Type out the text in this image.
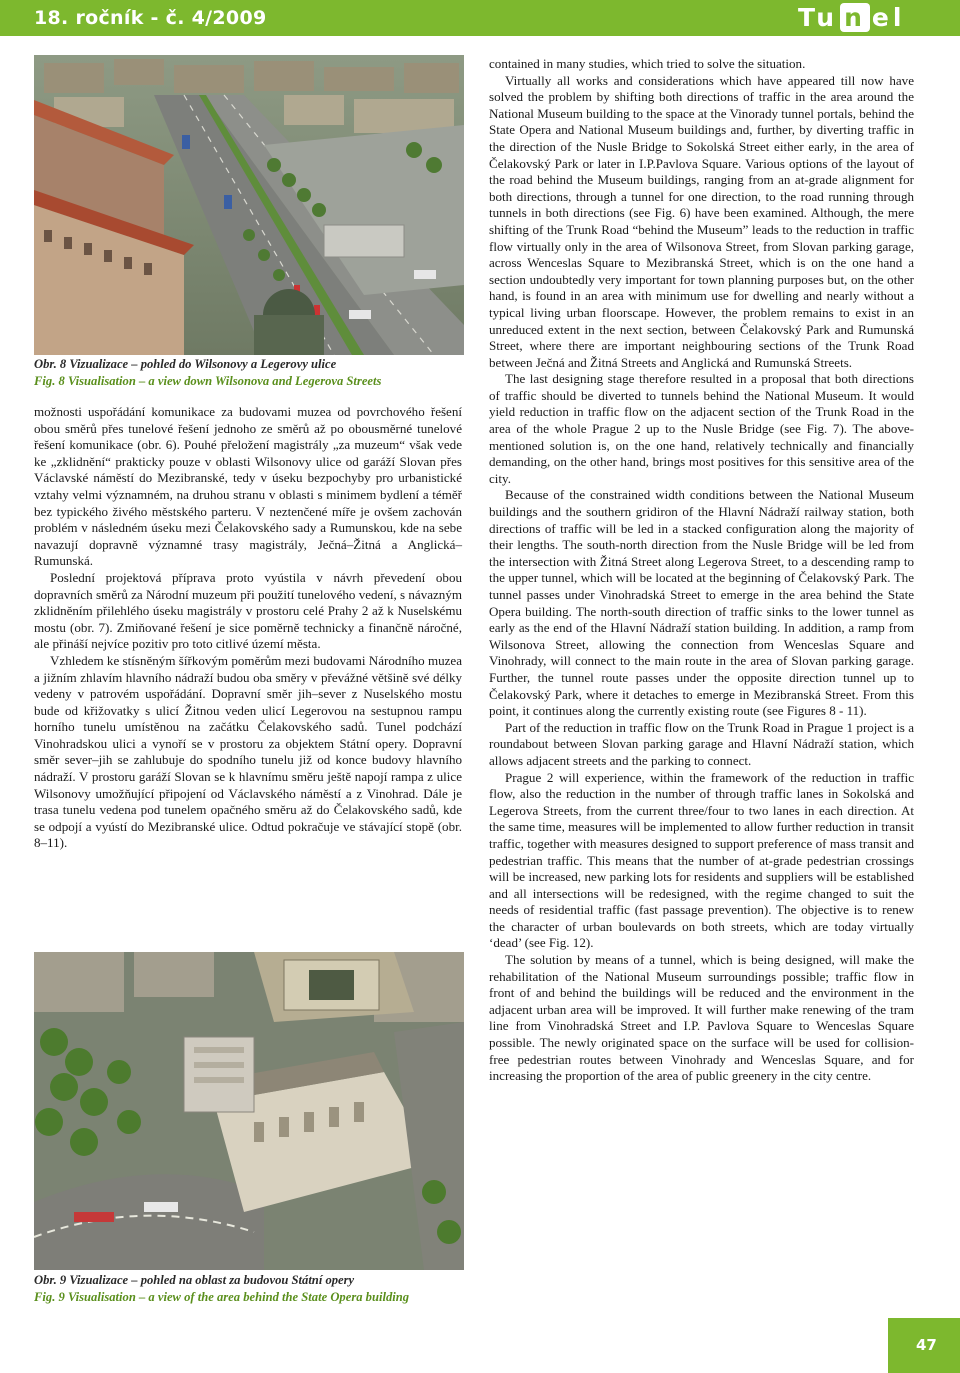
18. ročník - č. 4/2009	Tu n el
Obr. 8 Vizualizace – pohled do Wilsonovy a Legerovy ulice
Fig. 8 Visualisation – a view down Wilsonova and Legerova Streets

možnosti uspořádání komunikace za budovami muzea od povrchového řešení obou směrů přes tunelové řešení jednoho ze směrů až po obousměrné tunelové řešení komunikace (obr. 6). Pouhé přeložení magistrály „za muzeum“ však vede ke „zklidnění“ prakticky pouze v oblasti Wilsonovy ulice od garáží Slovan přes Václavské náměstí do Mezibranské, tedy v úseku bezpochyby pro urbanistické vztahy velmi významném, na druhou stranu v oblasti s minimem bydlení a téměř bez typického živého městského parteru. V neztenčené míře je ovšem zachován problém v následném úseku mezi Čelakovského sady a Rumunskou, kde na sebe navazují dopravně významné trasy magistrály, Ječná–Žitná a Anglická–Rumunská.

Poslední projektová příprava proto vyústila v návrh převedení obou dopravních směrů za Národní muzeum při použití tunelového vedení, s návazným zklidněním přilehlého úseku magistrály v prostoru celé Prahy 2 až k Nuselskému mostu (obr. 7). Zmiňované řešení je sice poměrně technicky a finančně náročné, ale přináší nejvíce pozitiv pro toto citlivé území města.

Vzhledem ke stísněným šířkovým poměrům mezi budovami Národního muzea a jižním zhlavím hlavního nádraží budou oba směry v převážné většině své délky vedeny v patrovém uspořádání. Dopravní směr jih–sever z Nuselského mostu bude od křižovatky s ulicí Žitnou veden ulicí Legerovou na sestupnou rampu horního tunelu umístěnou na začátku Čelakovského sadů. Tunel podchází Vinohradskou ulici a vynoří se v prostoru za objektem Státní opery. Dopravní směr sever–jih se zahlubuje do spodního tunelu již od konce budovy hlavního nádraží. V prostoru garáží Slovan se k hlavnímu směru ještě napojí rampa z ulice Wilsonovy umožňující připojení od Václavského náměstí a z Vinohrad. Dále je trasa tunelu vedena pod tunelem opačného směru až do Čelakovského sadů, kde se odpojí a vyústí do Mezibranské ulice. Odtud pokračuje ve stávající stopě (obr. 8–11).

Obr. 9 Vizualizace – pohled na oblast za budovou Státní opery
Fig. 9 Visualisation – a view of the area behind the State Opera building

contained in many studies, which tried to solve the situation.

Virtually all works and considerations which have appeared till now have solved the problem by shifting both directions of traffic in the area around the National Museum building to the space at the Vinorady tunnel portals, behind the State Opera and National Museum buildings and, further, by diverting traffic in the direction of the Nusle Bridge to Sokolská Street either early, in the area of Čelakovský Park or later in I.P.Pavlova Square. Various options of the layout of the road behind the Museum buildings, ranging from an at-grade alignment for both directions, through a tunnel for one direction, to the road running through tunnels in both directions (see Fig. 6) have been examined. Although, the mere shifting of the Trunk Road “behind the Museum” leads to the reduction in traffic flow virtually only in the area of Wilsonova Street, from Slovan parking garage, across Wenceslas Square to Mezibranská Street, which is on the one hand a section undoubtedly very important for town planning purposes but, on the other hand, is found in an area with minimum use for dwelling and nearly without a typical living urban floorscape. However, the problem remains to exist in an unreduced extent in the next section, between Čelakovský Park and Rumunská Street, where there are important neighbouring sections of the Trunk Road between Ječná and Žitná Streets and Anglická and Rumunská Streets.

The last designing stage therefore resulted in a proposal that both directions of traffic should be diverted to tunnels behind the National Museum. It would yield reduction in traffic flow on the adjacent section of the Trunk Road in the area of the whole Prague 2 up to the Nusle Bridge (see Fig. 7). The above-mentioned solution is, on the one hand, relatively technically and financially demanding, on the other hand, brings most positives for this sensitive area of the city.

Because of the constrained width conditions between the National Museum buildings and the southern gridiron of the Hlavní Nádraží railway station, both directions of traffic will be led in a stacked configuration along the majority of their lengths. The south-north direction from the Nusle Bridge will be led from the intersection with Žitná Street along Legerova Street, to a descending ramp to the upper tunnel, which will be located at the beginning of Čelakovský Park. The tunnel passes under Vinohradská Street to emerge in the area behind the State Opera building. The north-south direction of traffic sinks to the lower tunnel as early as the end of the Hlavní Nádraží station building. In addition, a ramp from Wilsonova Street, allowing the connection from Wenceslas Square and Vinohrady, will connect to the main route in the area of Slovan parking garage. Further, the tunnel route passes under the opposite direction tunnel up to Čelakovský Park, where it detaches to emerge in Mezibranská Street. From this point, it continues along the currently existing route (see Figures 8 - 11).

Part of the reduction in traffic flow on the Trunk Road in Prague 1 project is a roundabout between Slovan parking garage and Hlavní Nádraží station, which allows adjacent streets and the parking to connect.

Prague 2 will experience, within the framework of the reduction in traffic flow, also the reduction in the number of through traffic lanes in Sokolská and Legerova Streets, from the current three/four to two lanes in each direction. At the same time, measures will be implemented to allow further reduction in transit traffic, together with measures designed to support preference of mass transit and pedestrian traffic. This means that the number of at-grade pedestrian crossings will be increased, new parking lots for residents and suppliers will be established and all intersections will be redesigned, with the regime changed to suit the needs of residential traffic (fast passage prevention). The objective is to renew the character of urban boulevards on both streets, which are today virtually ‘dead’ (see Fig. 12).

The solution by means of a tunnel, which is being designed, will make the rehabilitation of the National Museum surroundings possible; traffic flow in front of and behind the buildings will be reduced and the environment in the adjacent urban area will be improved. It will further make renewing of the tram line from Vinohradská Street and I.P. Pavlova Square to Wenceslas Square possible. The newly originated space on the surface will be used for collision-free pedestrian routes between Vinohrady and Wenceslas Square, and for increasing the proportion of the area of public greenery in the city centre.

47
